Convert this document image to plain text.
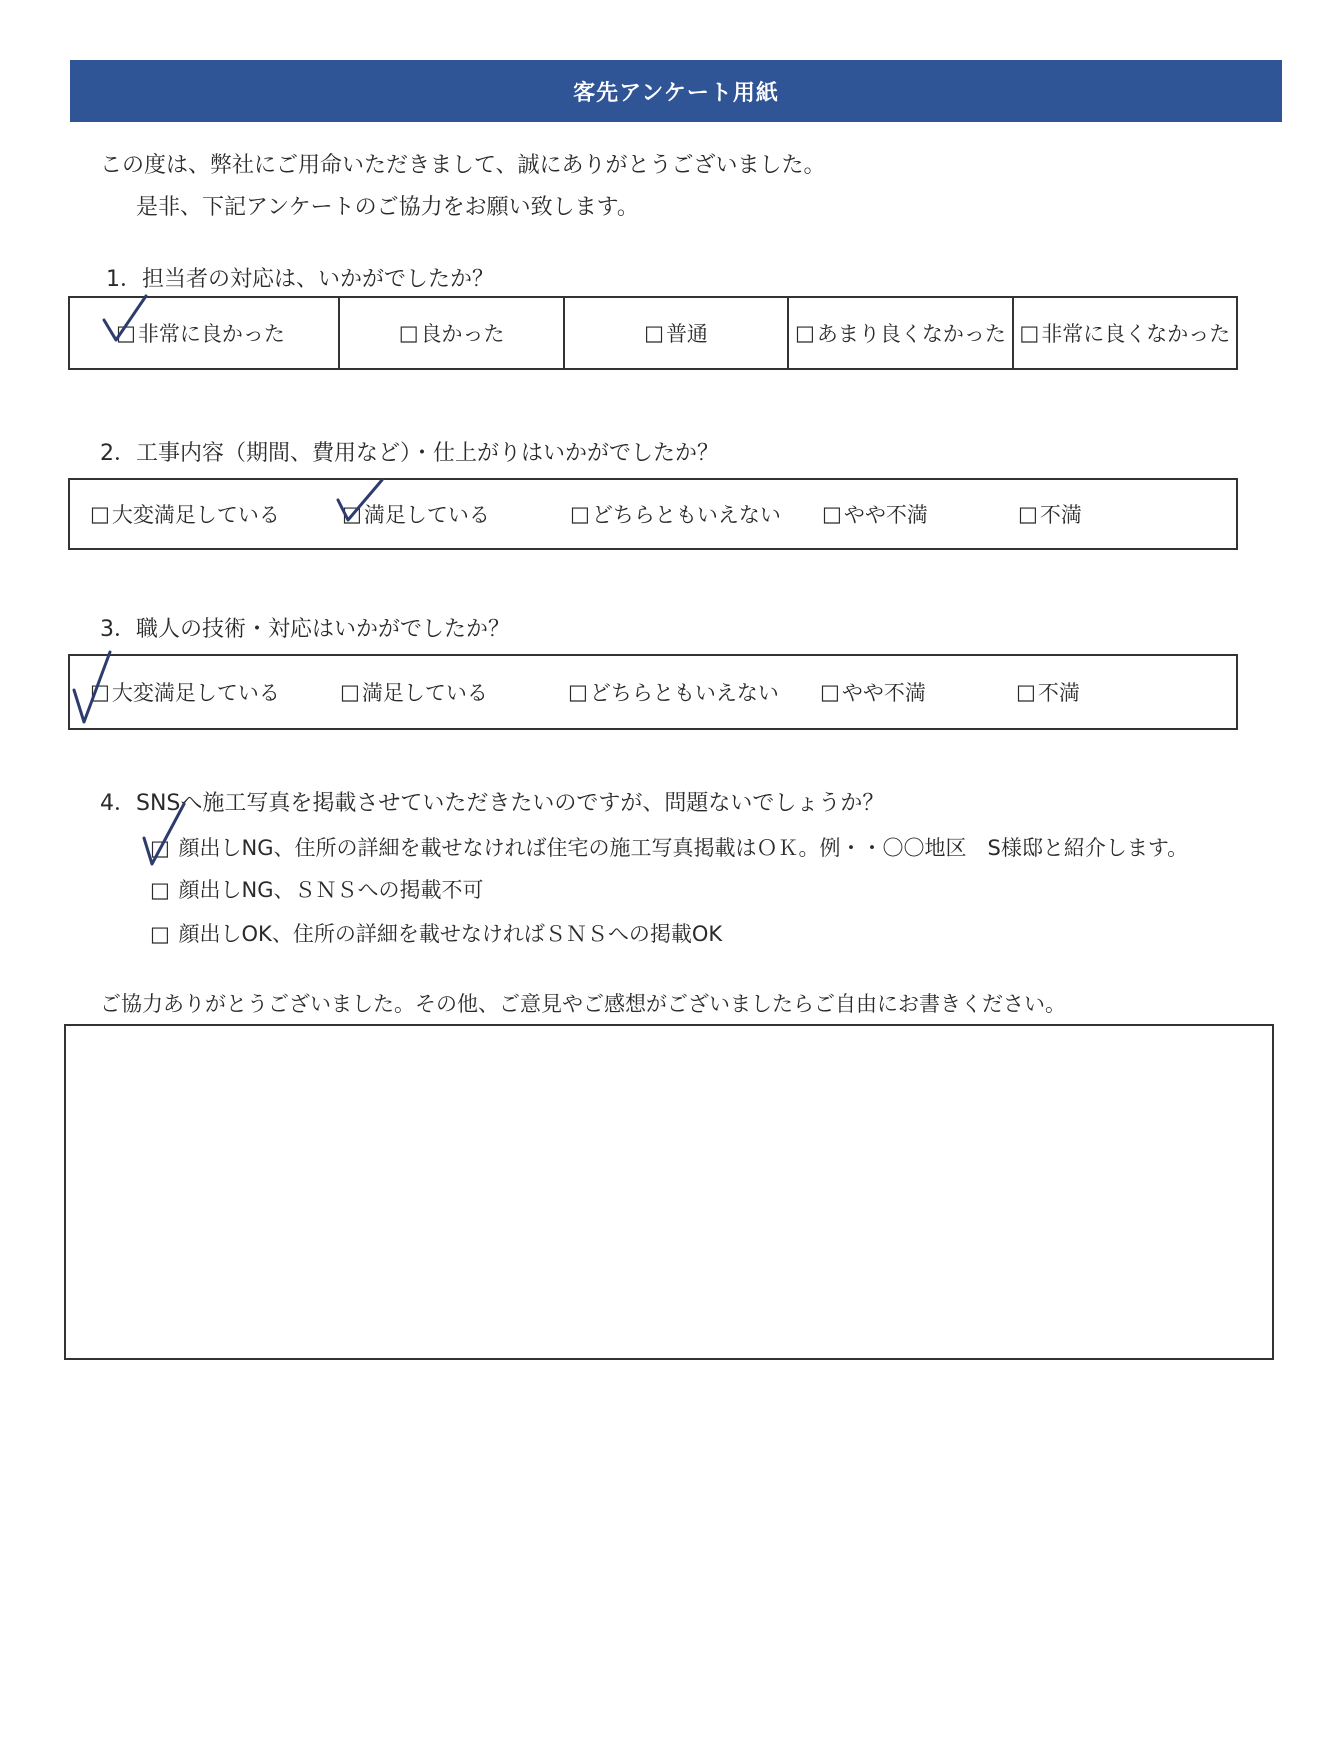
客先アンケート用紙
この度は、弊社にご用命いただきまして、誠にありがとうございました。
是非、下記アンケートのご協力をお願い致します。
1．担当者の対応は、いかがでしたか？
□ 非常に良かった	□ 良かった	□ 普通	□ あまり良くなかった □ 非常に良くなかった
2．工事内容（期間、費用など）・仕上がりはいかがでしたか？
□ 大変満足している	□ 満足している	□ どちらともいえない □ やや不満	□ 不満
3．職人の技術・対応はいかがでしたか？
□ 大変満足している	□ 満足している	□ どちらともいえない □ やや不満	□ 不満
4．SNSへ施工写真を掲載させていただきたいのですが、問題ないでしょうか？
□ 顔出しNG、住所の詳細を載せなければ住宅の施工写真掲載はＯＫ。例・・〇〇地区　S様邸と紹介します。
□ 顔出しNG、ＳＮＳへの掲載不可
□ 顔出しOK、住所の詳細を載せなければＳＮＳへの掲載OK
ご協力ありがとうございました。その他、ご意見やご感想がございましたらご自由にお書きください。
